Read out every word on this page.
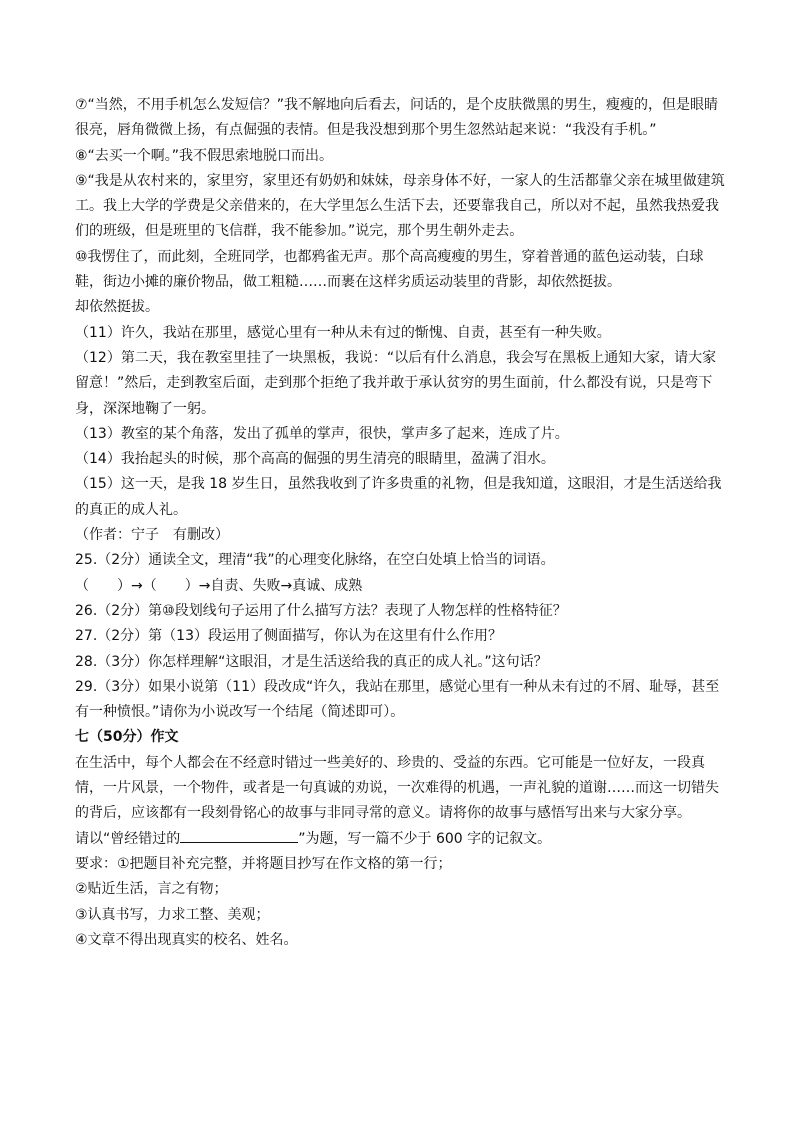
⑦“当然，不用手机怎么发短信？”我不解地向后看去，问话的，是个皮肤微黑的男生，瘦瘦的，但是眼睛很亮，唇角微微上扬，有点倔强的表情。但是我没想到那个男生忽然站起来说：“我没有手机。”

⑧“去买一个啊。”我不假思索地脱口而出。

⑨“我是从农村来的，家里穷，家里还有奶奶和妹妹，母亲身体不好，一家人的生活都靠父亲在城里做建筑工。我上大学的学费是父亲借来的，在大学里怎么生活下去，还要靠我自己，所以对不起，虽然我热爱我们的班级，但是班里的飞信群，我不能参加。”说完，那个男生朝外走去。

⑩我愣住了，而此刻，全班同学，也都鸦雀无声。那个高高瘦瘦的男生，穿着普通的蓝色运动装，白球鞋，街边小摊的廉价物品，做工粗糙……而裹在这样劣质运动装里的背影，却依然挺拔。

却依然挺拔。

（11）许久，我站在那里，感觉心里有一种从未有过的惭愧、自责，甚至有一种失败。

（12）第二天，我在教室里挂了一块黑板，我说：“以后有什么消息，我会写在黑板上通知大家，请大家留意！”然后，走到教室后面，走到那个拒绝了我并敢于承认贫穷的男生面前，什么都没有说，只是弯下身，深深地鞠了一躬。

（13）教室的某个角落，发出了孤单的掌声，很快，掌声多了起来，连成了片。

（14）我抬起头的时候，那个高高的倔强的男生清亮的眼睛里，盈满了泪水。

（15）这一天，是我 18 岁生日，虽然我收到了许多贵重的礼物，但是我知道，这眼泪，才是生活送给我的真正的成人礼。

（作者：宁子　有删改）

25.（2分）通读全文，理清“我”的心理变化脉络，在空白处填上恰当的词语。

（　　）→（　　）→自责、失败→真诚、成熟

26.（2分）第⑩段划线句子运用了什么描写方法？表现了人物怎样的性格特征？

27.（2分）第（13）段运用了侧面描写，你认为在这里有什么作用？

28.（3分）你怎样理解“这眼泪，才是生活送给我的真正的成人礼。”这句话？

29.（3分）如果小说第（11）段改成“许久，我站在那里，感觉心里有一种从未有过的不屑、耻辱，甚至有一种愤恨。”请你为小说改写一个结尾（简述即可）。

七（50分）作文

在生活中，每个人都会在不经意时错过一些美好的、珍贵的、受益的东西。它可能是一位好友，一段真情，一片风景，一个物件，或者是一句真诚的劝说，一次难得的机遇，一声礼貌的道谢……而这一切错失的背后，应该都有一段刻骨铭心的故事与非同寻常的意义。请将你的故事与感悟写出来与大家分享。

请以“曾经错过的	”为题，写一篇不少于 600 字的记叙文。

要求：①把题目补充完整，并将题目抄写在作文格的第一行；

②贴近生活，言之有物；

③认真书写，力求工整、美观；

④文章不得出现真实的校名、姓名。
